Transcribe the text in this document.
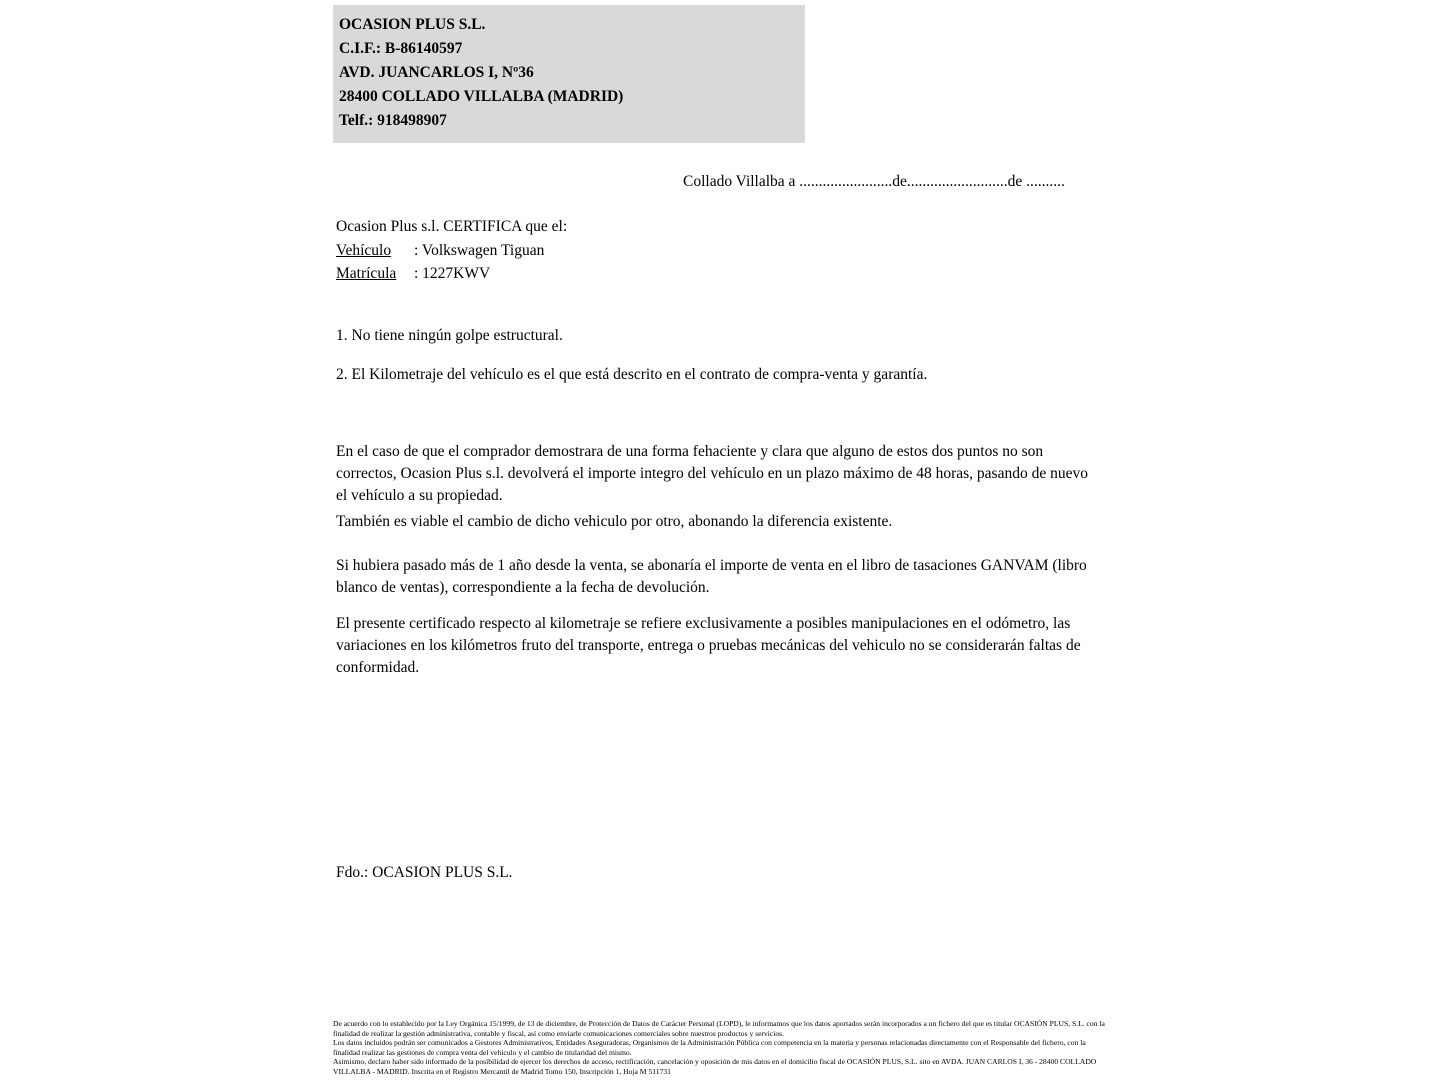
OCASION PLUS S.L.
C.I.F.: B-86140597
AVD. JUANCARLOS I, Nº36
28400 COLLADO VILLALBA (MADRID)
Telf.: 918498907
Collado Villalba a ........................de..........................de ..........
Ocasion Plus s.l. CERTIFICA que el:
Vehículo : Volkswagen Tiguan
Matrícula : 1227KWV
1. No tiene ningún golpe estructural.
2. El Kilometraje del vehículo es el que está descrito en el contrato de compra-venta y garantía.
En el caso de que el comprador demostrara de una forma fehaciente y clara que alguno de estos dos puntos no son correctos, Ocasion Plus s.l. devolverá el importe integro del vehículo en un plazo máximo de 48 horas, pasando de nuevo el vehículo a su propiedad.
También es viable el cambio de dicho vehiculo por otro, abonando la diferencia existente.
Si hubiera pasado más de 1 año desde la venta, se abonaría el importe de venta en el libro de tasaciones GANVAM (libro blanco de ventas), correspondiente a la fecha de devolución.
El presente certificado respecto al kilometraje se refiere exclusivamente a posibles manipulaciones en el odómetro, las variaciones en los kilómetros fruto del transporte, entrega o pruebas mecánicas del vehiculo no se considerarán faltas de conformidad.
Fdo.: OCASION PLUS S.L.
De acuerdo con lo establecido por la Ley Orgánica 15/1999, de 13 de diciembre, de Protección de Datos de Carácter Personal (LOPD), le informamos que los datos aportados serán incorporados a un fichero del que es titular OCASIÓN PLUS, S.L. con la finalidad de realizar la gestión administrativa, contable y fiscal, así como enviarle comunicaciones comerciales sobre nuestros productos y servicios.
Los datos incluidos podrán ser comunicados a Gestores Administrativos, Entidades Aseguradoras, Organismos de la Administración Pública con competencia en la materia y personas relacionadas directamente con el Responsable del fichero, con la finalidad realizar las gestiones de compra venta del vehículo y el cambio de titularidad del mismo.
Asimismo, declaro haber sido informado de la posibilidad de ejercer los derechos de acceso, rectificación, cancelación y oposición de mis datos en el domicilio fiscal de OCASIÓN PLUS, S.L. sito en AVDA. JUAN CARLOS I, 36 - 28400 COLLADO VILLALBA - MADRID. Inscrita en el Registro Mercantil de Madrid Tomo 150, Inscripción 1, Hoja M 511731
